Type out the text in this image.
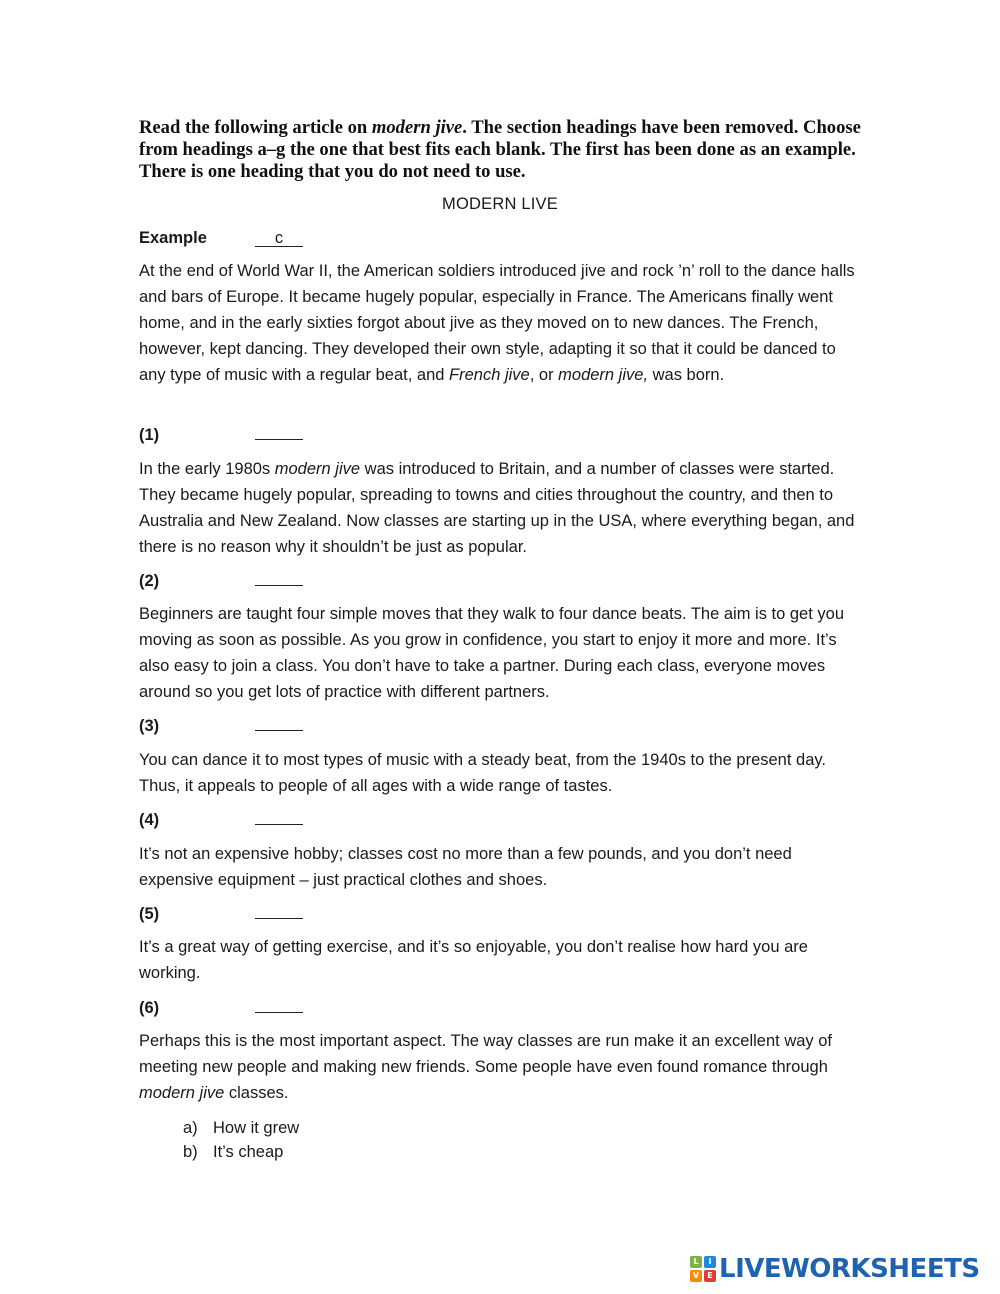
Read the following article on modern jive. The section headings have been removed. Choose from headings a–g the one that best fits each blank. The first has been done as an example. There is one heading that you do not need to use.
MODERN LIVE
Example	c
At the end of World War II, the American soldiers introduced jive and rock ’n’ roll to the dance halls and bars of Europe. It became hugely popular, especially in France. The Americans finally went home, and in the early sixties forgot about jive as they moved on to new dances. The French, however, kept dancing. They developed their own style, adapting it so that it could be danced to any type of music with a regular beat, and French jive, or modern jive, was born.
(1)
In the early 1980s modern jive was introduced to Britain, and a number of classes were started. They became hugely popular, spreading to towns and cities throughout the country, and then to Australia and New Zealand. Now classes are starting up in the USA, where everything began, and there is no reason why it shouldn’t be just as popular.
(2)
Beginners are taught four simple moves that they walk to four dance beats. The aim is to get you moving as soon as possible. As you grow in confidence, you start to enjoy it more and more. It’s also easy to join a class. You don’t have to take a partner. During each class, everyone moves around so you get lots of practice with different partners.
(3)
You can dance it to most types of music with a steady beat, from the 1940s to the present day. Thus, it appeals to people of all ages with a wide range of tastes.
(4)
It’s not an expensive hobby; classes cost no more than a few pounds, and you don’t need expensive equipment – just practical clothes and shoes.
(5)
It’s a great way of getting exercise, and it’s so enjoyable, you don’t realise how hard you are working.
(6)
Perhaps this is the most important aspect. The way classes are run make it an excellent way of meeting new people and making new friends. Some people have even found romance through modern jive classes.
a) How it grew
b) It’s cheap
L	I
V	E LIVEWORKSHEETS
